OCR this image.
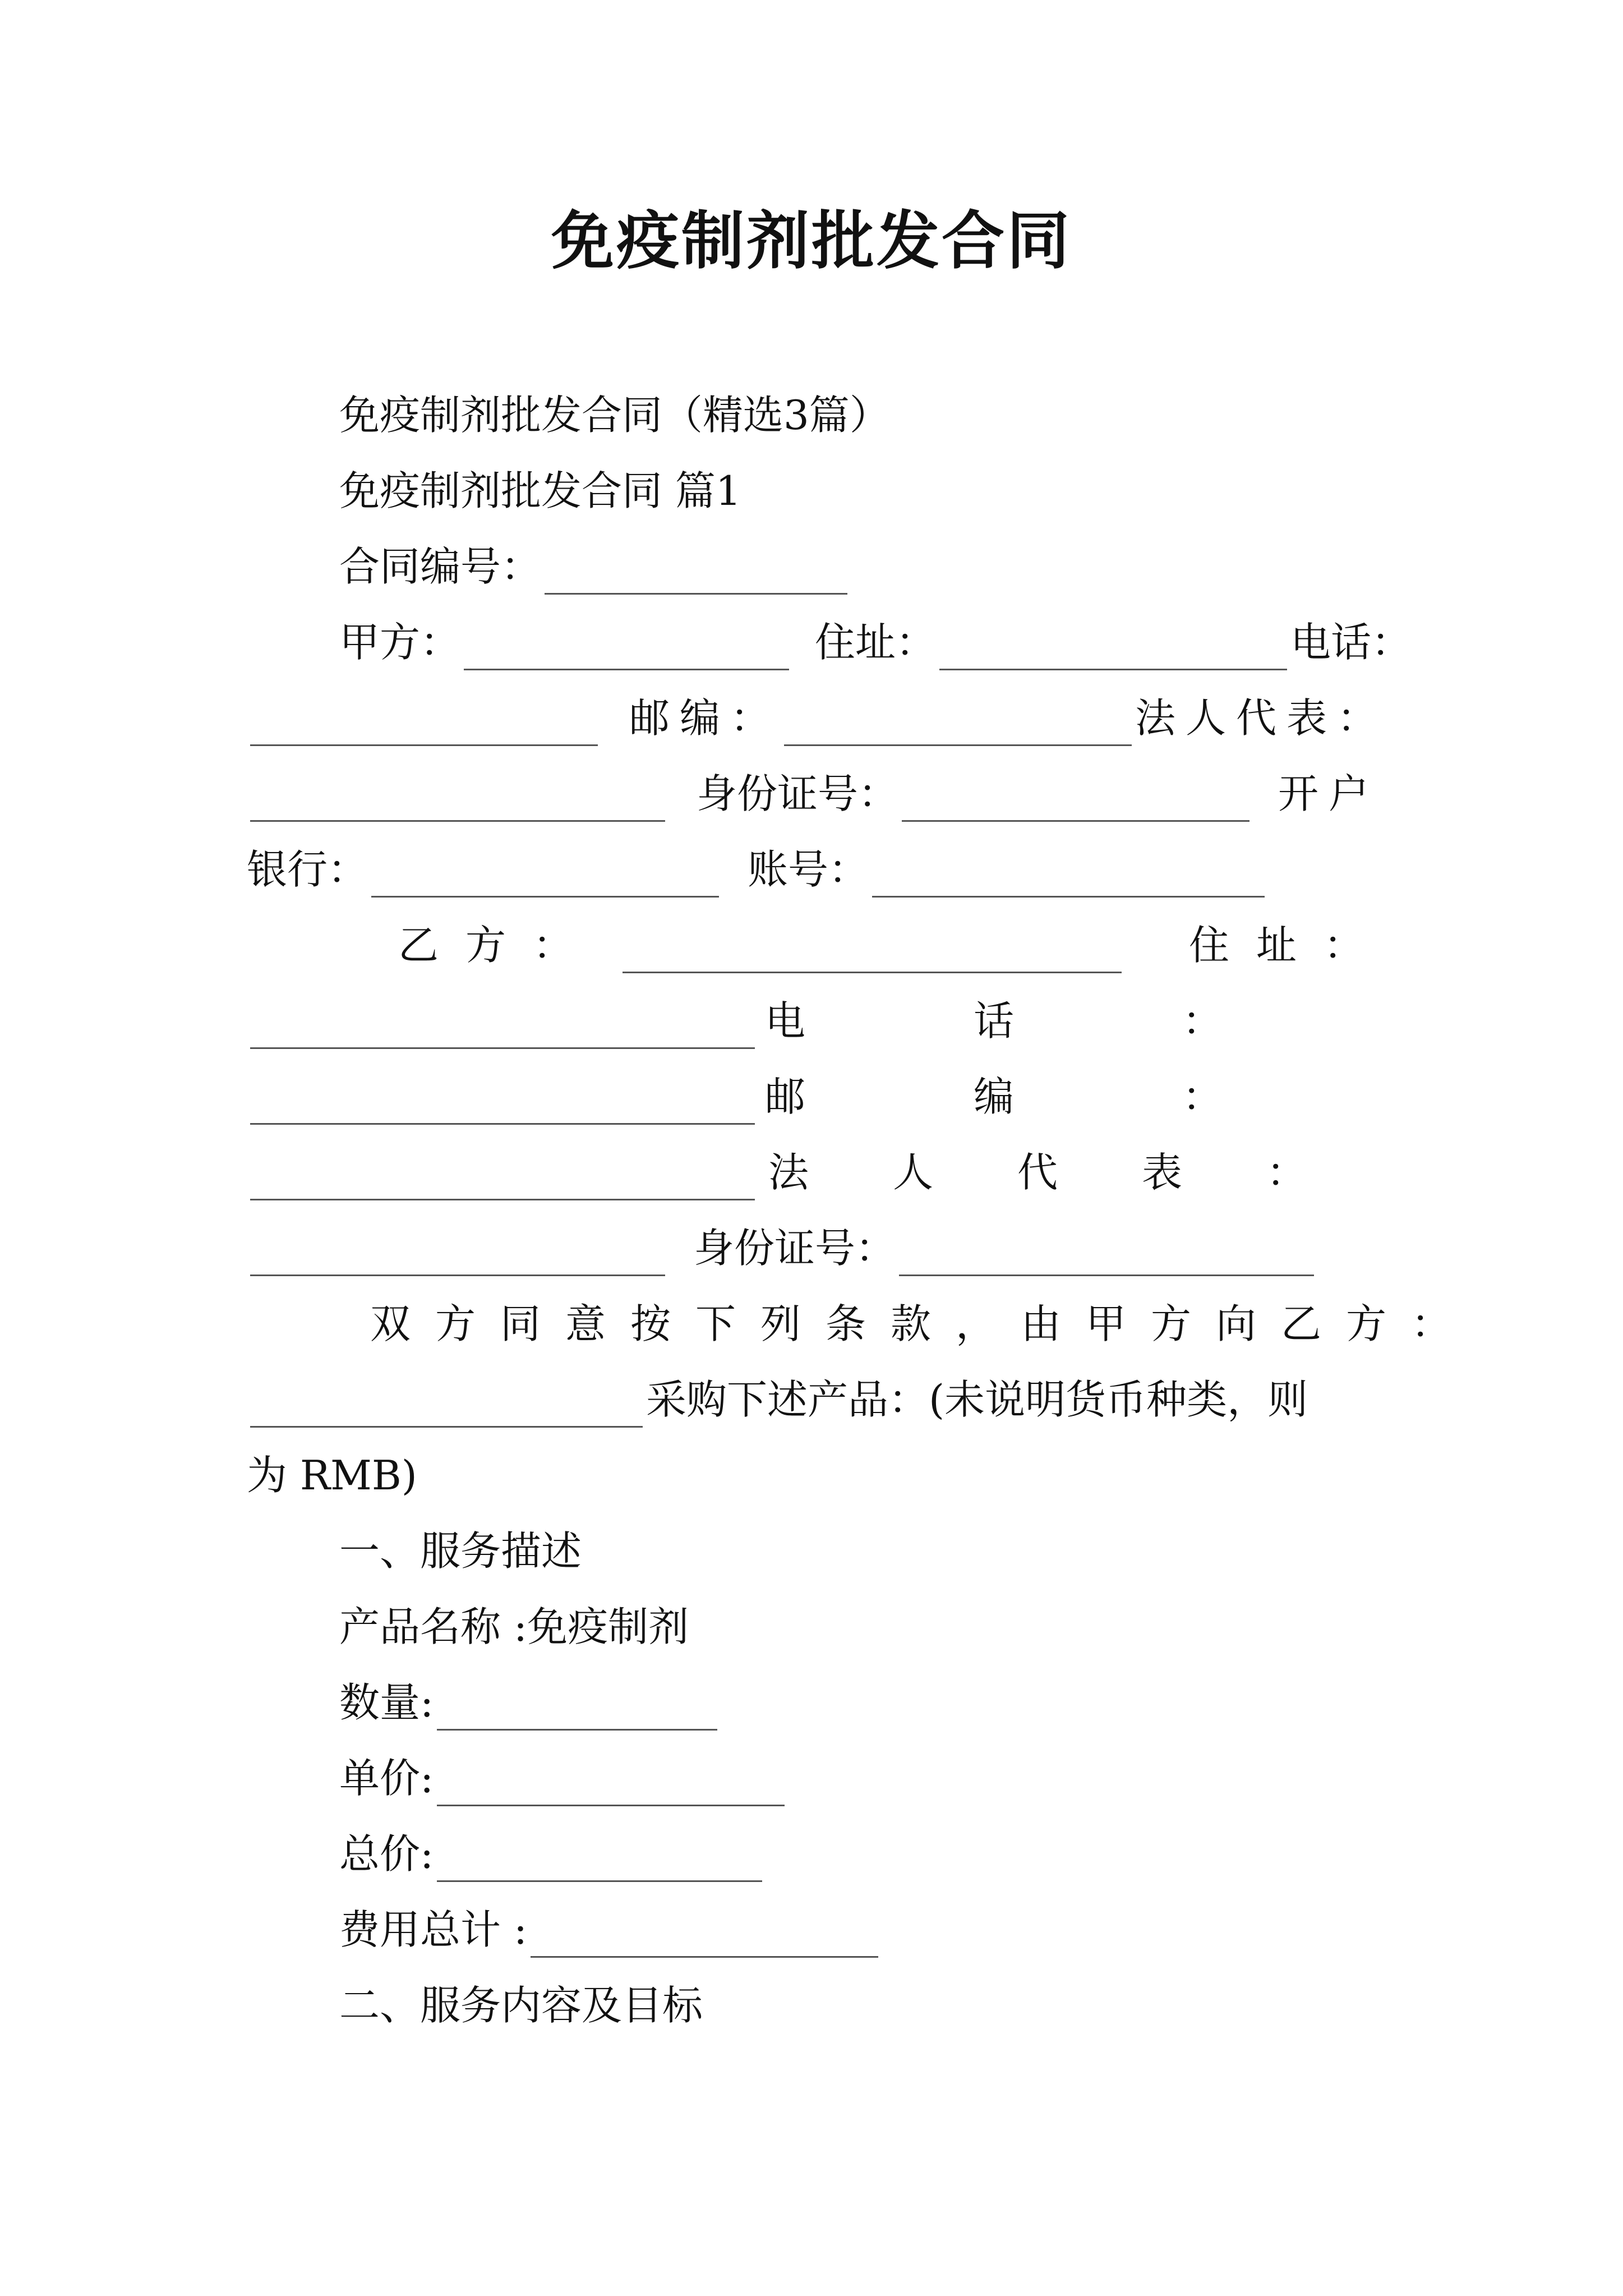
免疫制剂批发合同
免疫制剂批发合同（精选3篇）
免疫制剂批发合同 篇1
合同编号：
甲方：	住址：	电话：
邮编：	法人代表：
身份证号：	开户
银行：	账号：
乙方：	住址：
电话：
邮编：
法人代表：
身份证号：
双方同意按下列条款，由甲方向乙方：
采购下述产品：(未说明货币种类，则
为 RMB)
一、服务描述
产品名称 :免疫制剂
数量:
单价:
总价:
费用总计 :
二、服务内容及目标
